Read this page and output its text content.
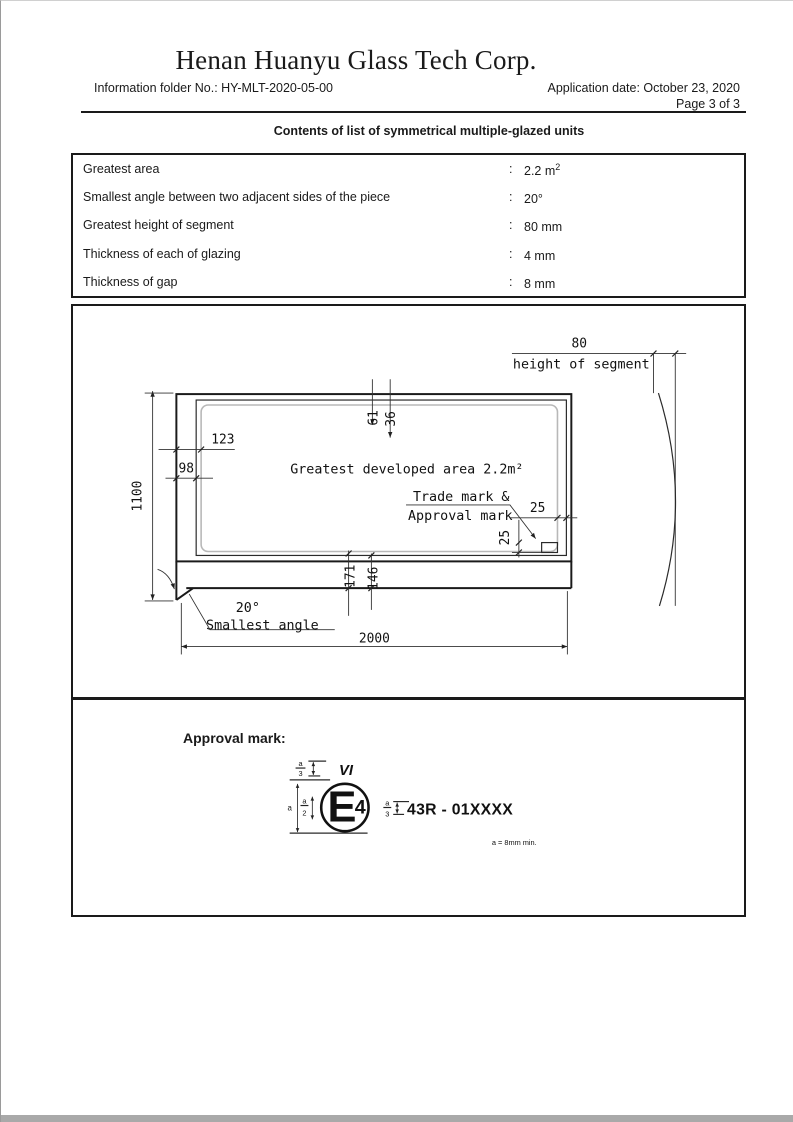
Henan Huanyu Glass Tech Corp.
Information folder No.: HY-MLT-2020-05-00	Application date: October 23, 2020
Page 3 of 3
Contents of list of symmetrical multiple-glazed units
Greatest area	: 2.2 $m^2$
Smallest angle between two adjacent sides of the piece	: 20°
Greatest height of segment	: 80 mm
Thickness of each of glazing	: 4 mm
Thickness of gap	: 8 mm
1100
2000
123
98
61 36
171 146
80
height of segment
Greatest developed area 2.2m²
Trade mark &
Approval mark
25
25
20°
Smallest angle
Approval mark:
VI
a
3
a
a
2 E
4	a
3 43R - 01XXXX
a = 8mm min.
